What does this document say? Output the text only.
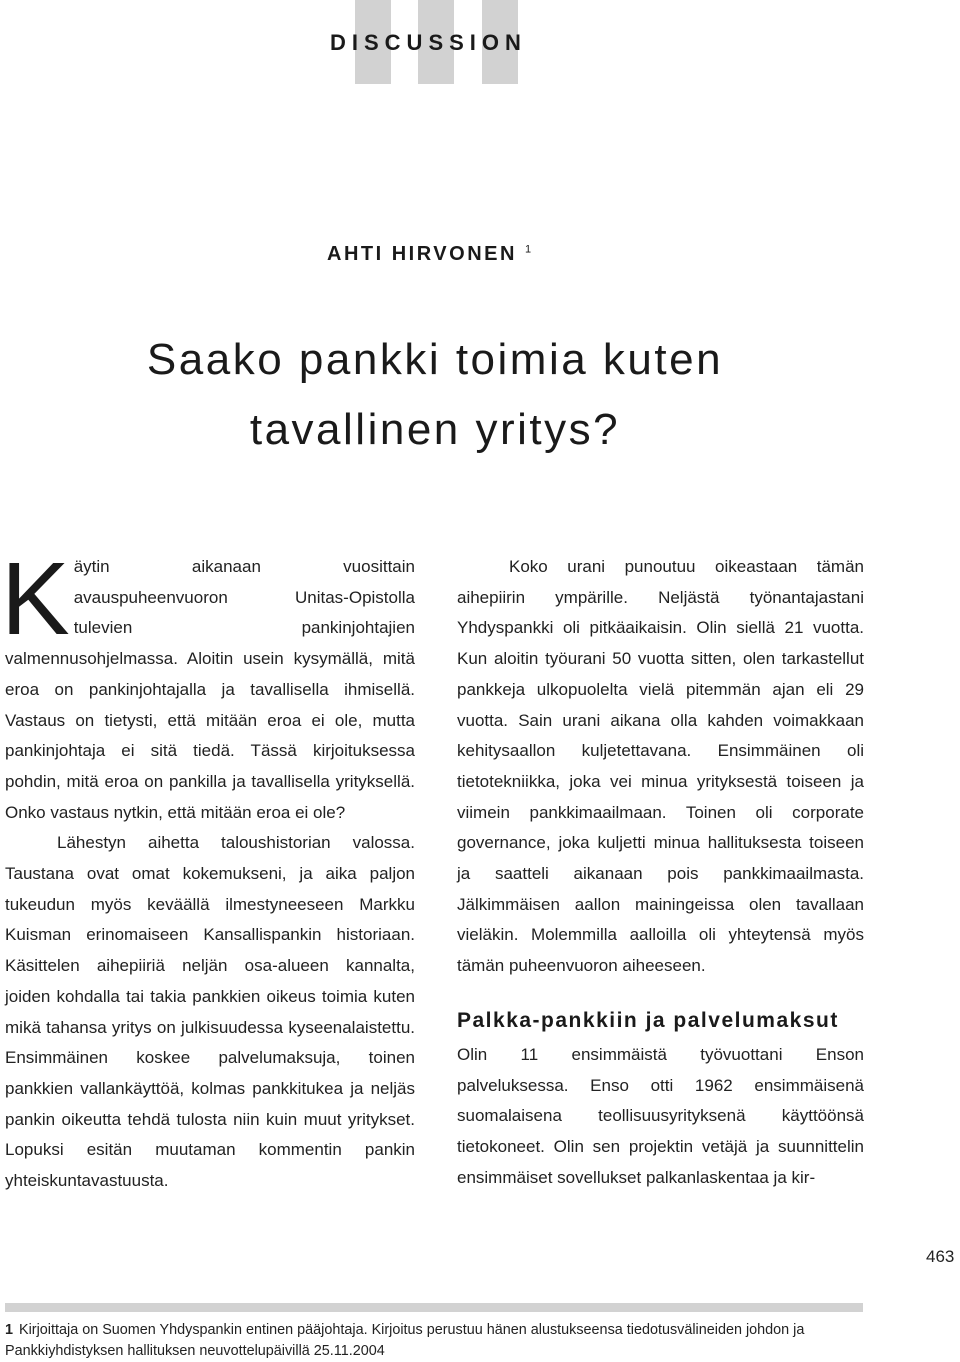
DISCUSSION
AHTI HIRVONEN $^1$
Saako pankki toimia kuten
tavallinen yritys?

Käytin aikanaan vuosittain avauspuheenvuoron Unitas-Opistolla tulevien pankinjohtajien valmennusohjelmassa. Aloitin usein kysymällä, mitä eroa on pankinjohtajalla ja tavallisella ihmisellä. Vastaus on tietysti, että mitään eroa ei ole, mutta pankinjohtaja ei sitä tiedä. Tässä kirjoituksessa pohdin, mitä eroa on pankilla ja tavallisella yrityksellä. Onko vastaus nytkin, että mitään eroa ei ole?

Lähestyn aihetta taloushistorian valossa. Taustana ovat omat kokemukseni, ja aika paljon tukeudun myös keväällä ilmestyneeseen Markku Kuisman erinomaiseen Kansallispankin historiaan. Käsittelen aihepiiriä neljän osa-alueen kannalta, joiden kohdalla tai takia pankkien oikeus toimia kuten mikä tahansa yritys on julkisuudessa kyseenalaistettu. Ensimmäinen koskee palvelumaksuja, toinen pankkien vallankäyttöä, kolmas pankkitukea ja neljäs pankin oikeutta tehdä tulosta niin kuin muut yritykset. Lopuksi esitän muutaman kommentin pankin yhteiskuntavastuusta.

Koko urani punoutuu oikeastaan tämän aihepiirin ympärille. Neljästä työnantajastani Yhdyspankki oli pitkäaikaisin. Olin siellä 21 vuotta. Kun aloitin työurani 50 vuotta sitten, olen tarkastellut pankkeja ulkopuolelta vielä pitemmän ajan eli 29 vuotta. Sain urani aikana olla kahden voimakkaan kehitysaallon kuljetettavana. Ensimmäinen oli tietotekniikka, joka vei minua yrityksestä toiseen ja viimein pankkimaailmaan. Toinen oli corporate governance, joka kuljetti minua hallituksesta toiseen ja saatteli aikanaan pois pankkimaailmasta. Jälkimmäisen aallon mainingeissa olen tavallaan vieläkin. Molemmilla aalloilla oli yhteytensä myös tämän puheenvuoron aiheeseen.

Palkka-pankkiin ja palvelumaksut

Olin 11 ensimmäistä työvuottani Enson palveluksessa. Enso otti 1962 ensimmäisenä suomalaisena teollisuusyrityksenä käyttöönsä tietokoneet. Olin sen projektin vetäjä ja suunnittelin ensimmäiset sovellukset palkanlaskentaa ja kir-

463
1 Kirjoittaja on Suomen Yhdyspankin entinen pääjohtaja. Kirjoitus perustuu hänen alustukseensa tiedotusvälineiden johdon ja Pankkiyhdistyksen hallituksen neuvottelupäivillä 25.11.2004
